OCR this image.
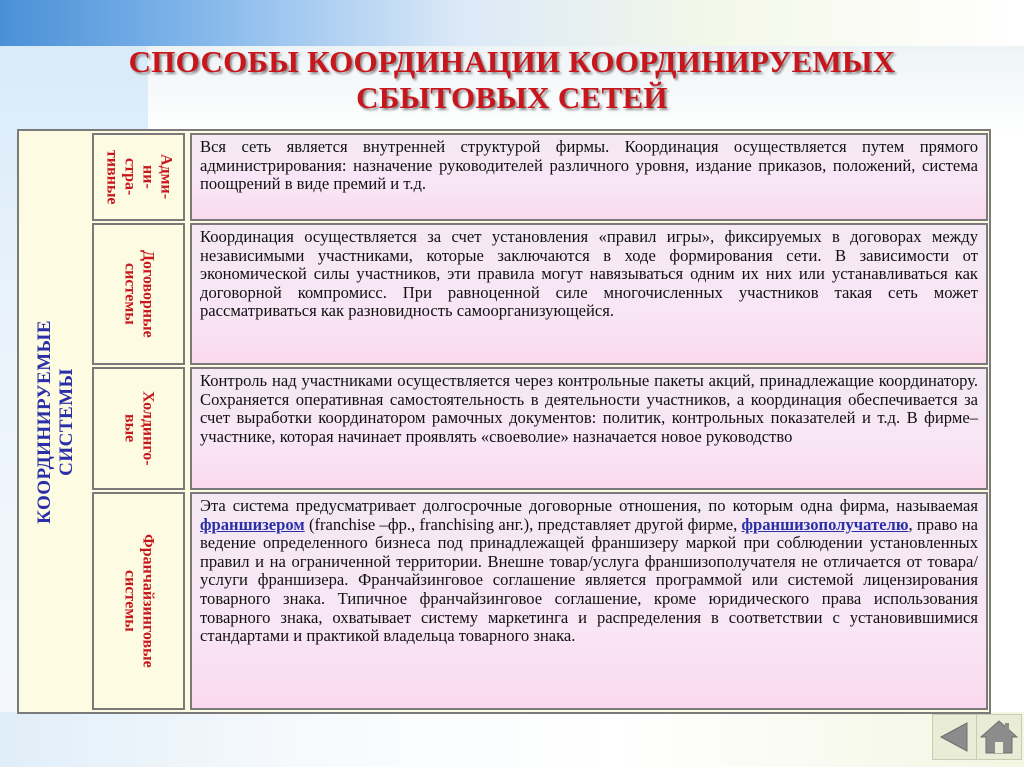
СПОСОБЫ КООРДИНАЦИИ КООРДИНИРУЕМЫХ
СБЫТОВЫХ СЕТЕЙ
КООРДИНИРУЕМЫЕ
СИСТЕМЫ
Адми-
ни-
стра-
тивные
Вся сеть является внутренней структурой фирмы. Координация осуществляется путем прямого администрирования: назначение руководителей различного уровня, издание приказов, положений, система поощрений в виде премий и т.д.
Договорные
системы
Координация осуществляется за счет установления «правил игры», фиксируемых в договорах между независимыми участниками, которые заключаются в ходе формирования сети. В зависимости от экономической силы участников, эти правила могут навязываться одним их них или устанавливаться как договорной компромисс. При равноценной силе многочисленных участников такая сеть может рассматриваться как разновидность самоорганизующейся.
Холдинго-
вые
Контроль над участниками осуществляется через контрольные пакеты акций, принадлежащие координатору. Сохраняется оперативная самостоятельность в деятельности участников, а координация обеспечивается за счет выработки координатором рамочных документов: политик, контрольных показателей и т.д. В фирме–участнике, которая начинает проявлять «своеволие» назначается новое руководство
Франчайзинговые
системы
Эта система предусматривает долгосрочные договорные отношения, по которым одна фирма, называемая франшизером (franchise –фр., franchising анг.), представляет другой фирме, франшизополучателю, право на ведение определенного бизнеса под принадлежащей франшизеру маркой при соблюдении установленных правил и на ограниченной территории. Внешне товар/услуга франшизополучателя не отличается от товара/услуги франшизера. Франчайзинговое соглашение является программой или системой лицензирования товарного знака. Типичное франчайзинговое соглашение, кроме юридического права использования товарного знака, охватывает систему маркетинга и распределения в соответствии с установившимися стандартами и практикой владельца товарного знака.
